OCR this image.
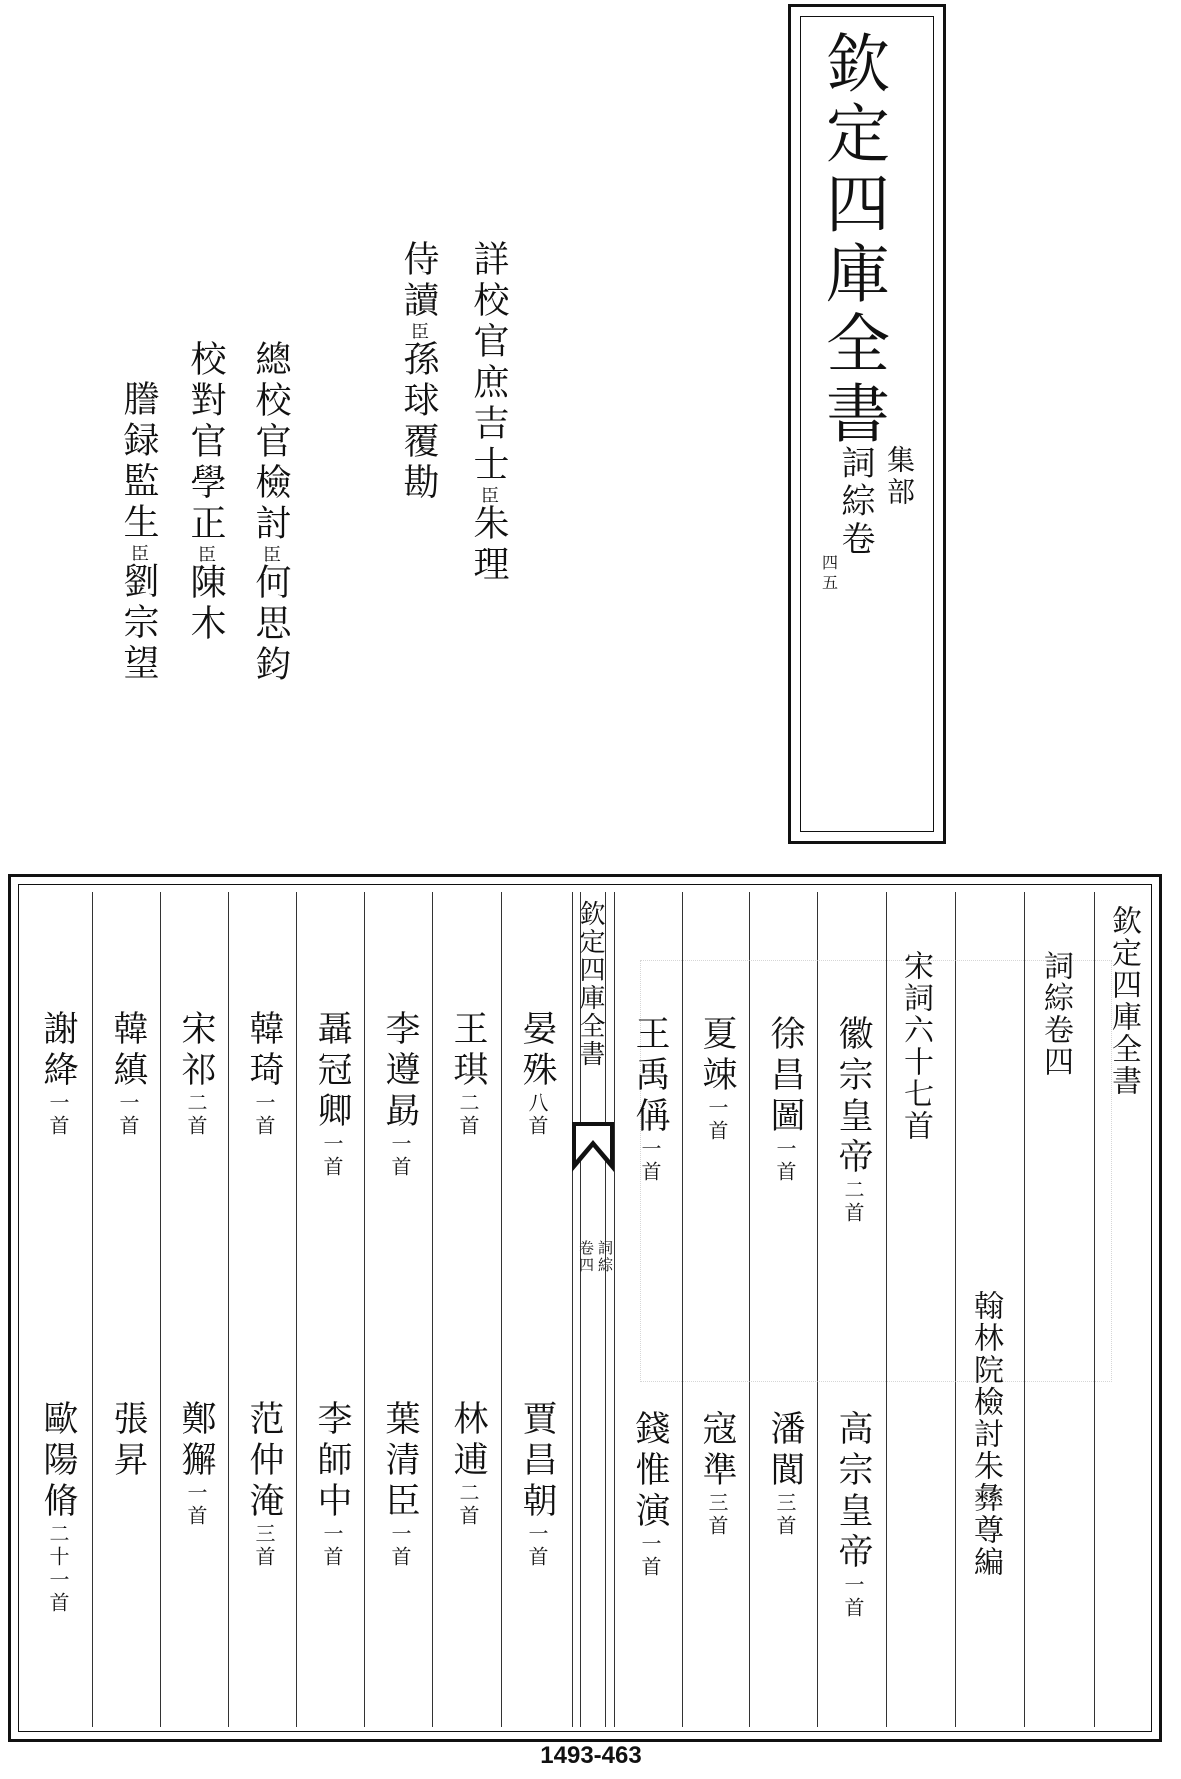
欽定四庫全書
集部
詞綜卷
四
五
詳校官庶吉士臣朱理
侍讀臣孫球覆勘
總校官檢討臣何思鈞
校對官學正臣陳木
謄録監生臣劉宗望
欽定四庫全書
詞綜卷四
翰林院檢討朱彝尊編
宋詞六十七首
徽宗皇帝二首
高宗皇帝一首
徐昌圖一首
潘閬三首
夏竦一首
寇準三首
王禹偁一首
錢惟演一首
欽定四庫全書
詞綜
卷四
晏殊八首
賈昌朝一首
王琪二首
林逋二首
李遵勗一首
葉清臣一首
聶冠卿一首
李師中一首
韓琦一首
范仲淹三首
宋祁二首
鄭獬一首
韓縝一首
張昇
謝絳一首
歐陽脩二十一首
1493-463
